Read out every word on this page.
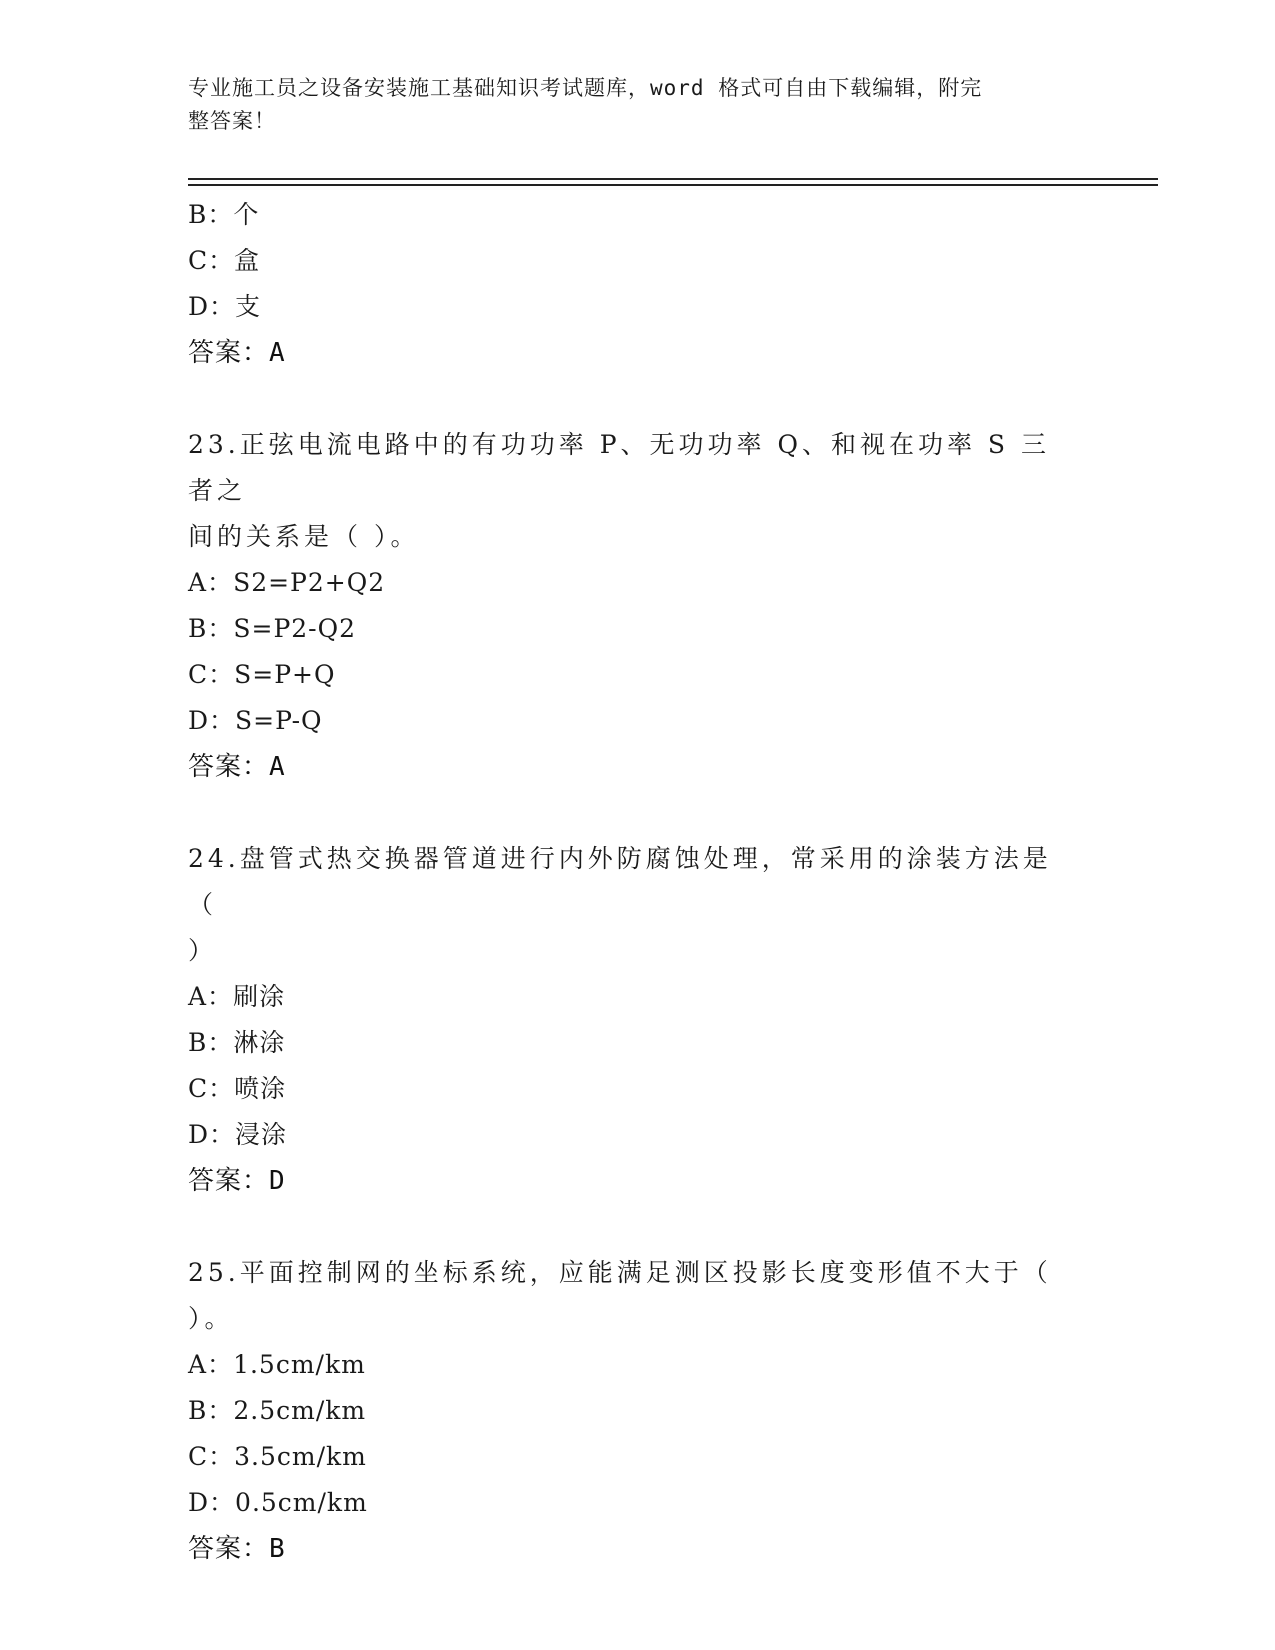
专业施工员之设备安装施工基础知识考试题库，word 格式可自由下载编辑，附完
整答案！
B：个
C：盒
D：支
答案：A
23.正弦电流电路中的有功功率 P、无功功率 Q、和视在功率 S 三者之
间的关系是（ ）。
A：S2=P2+Q2
B：S=P2-Q2
C：S=P+Q
D：S=P-Q
答案：A
24.盘管式热交换器管道进行内外防腐蚀处理，常采用的涂装方法是（
）
A：刷涂
B：淋涂
C：喷涂
D：浸涂
答案：D
25.平面控制网的坐标系统，应能满足测区投影长度变形值不大于（
）。
A：1.5cm/km
B：2.5cm/km
C：3.5cm/km
D：0.5cm/km
答案：B
